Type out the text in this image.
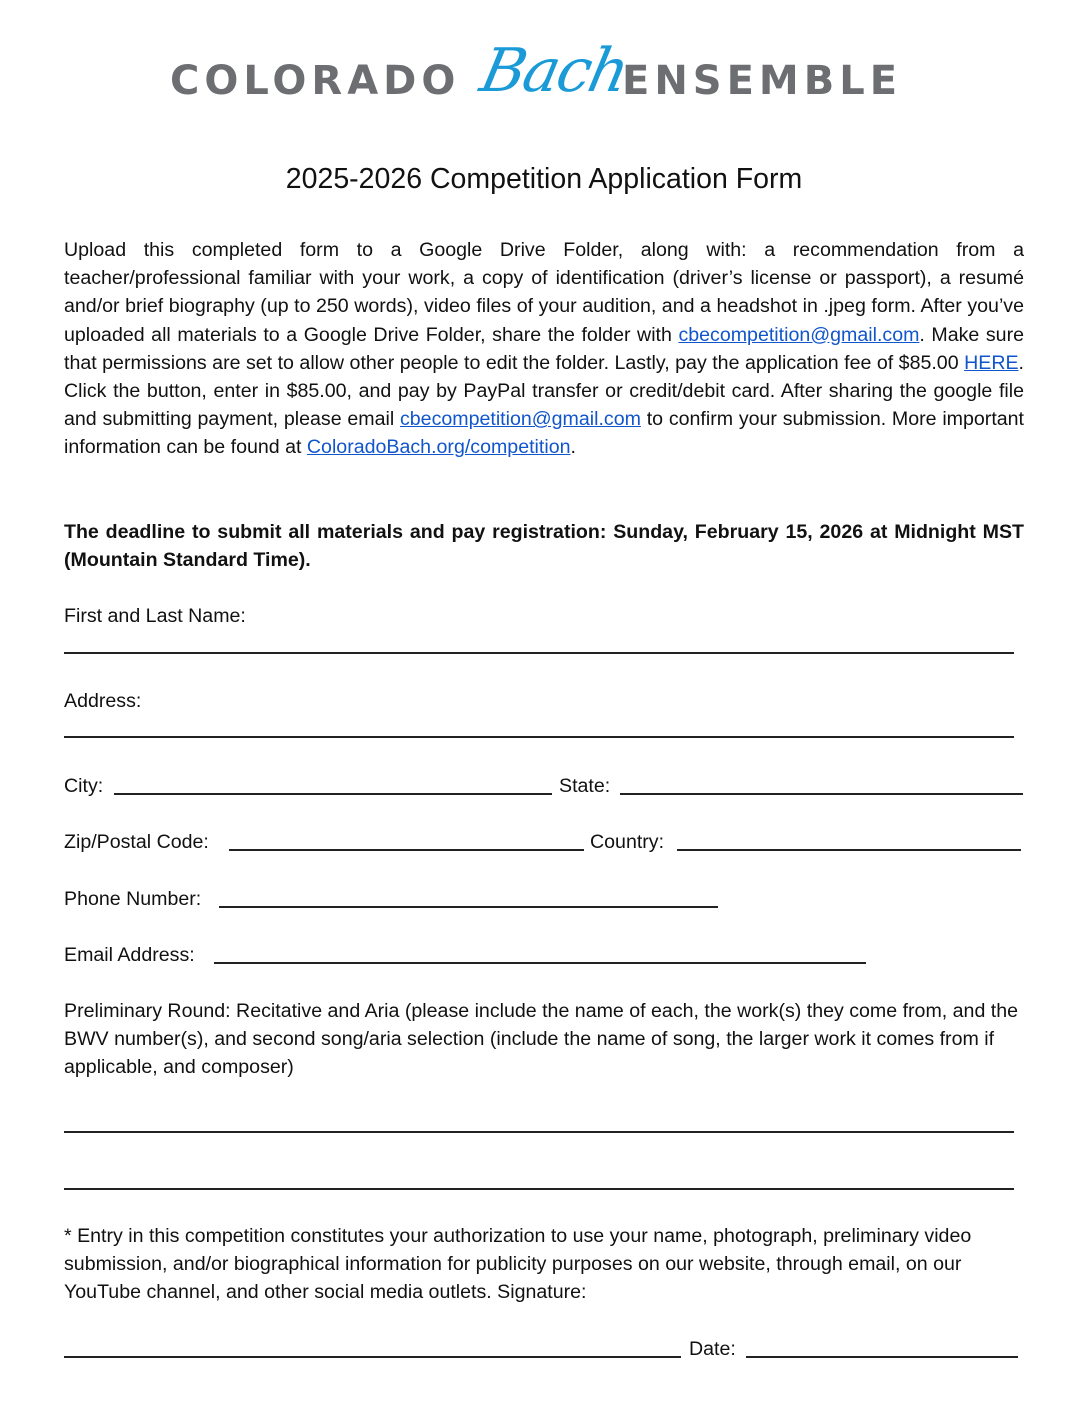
COLORADO Bach
ENSEMBLE
2025-2026 Competition Application Form
Upload this completed form to a Google Drive Folder, along with: a recommendation from a teacher/professional familiar with your work, a copy of identification (driver’s license or passport), a resumé and/or brief biography (up to 250 words), video files of your audition, and a headshot in .jpeg form. After you’ve uploaded all materials to a Google Drive Folder, share the folder with cbecompetition@gmail.com. Make sure that permissions are set to allow other people to edit the folder. Lastly, pay the application fee of $85.00 HERE. Click the button, enter in $85.00, and pay by PayPal transfer or credit/debit card. After sharing the google file and submitting payment, please email cbecompetition@gmail.com to confirm your submission. More important information can be found at ColoradoBach.org/competition.
The deadline to submit all materials and pay registration: Sunday, February 15, 2026 at Midnight MST (Mountain Standard Time).
First and Last Name:
Address:
City:	State:
Zip/Postal Code:	Country:
Phone Number:
Email Address:
Preliminary Round: Recitative and Aria (please include the name of each, the work(s) they come from, and the BWV number(s), and second song/aria selection (include the name of song, the larger work it comes from if applicable, and composer)
* Entry in this competition constitutes your authorization to use your name, photograph, preliminary video submission, and/or biographical information for publicity purposes on our website, through email, on our YouTube channel, and other social media outlets. Signature:
Date:
